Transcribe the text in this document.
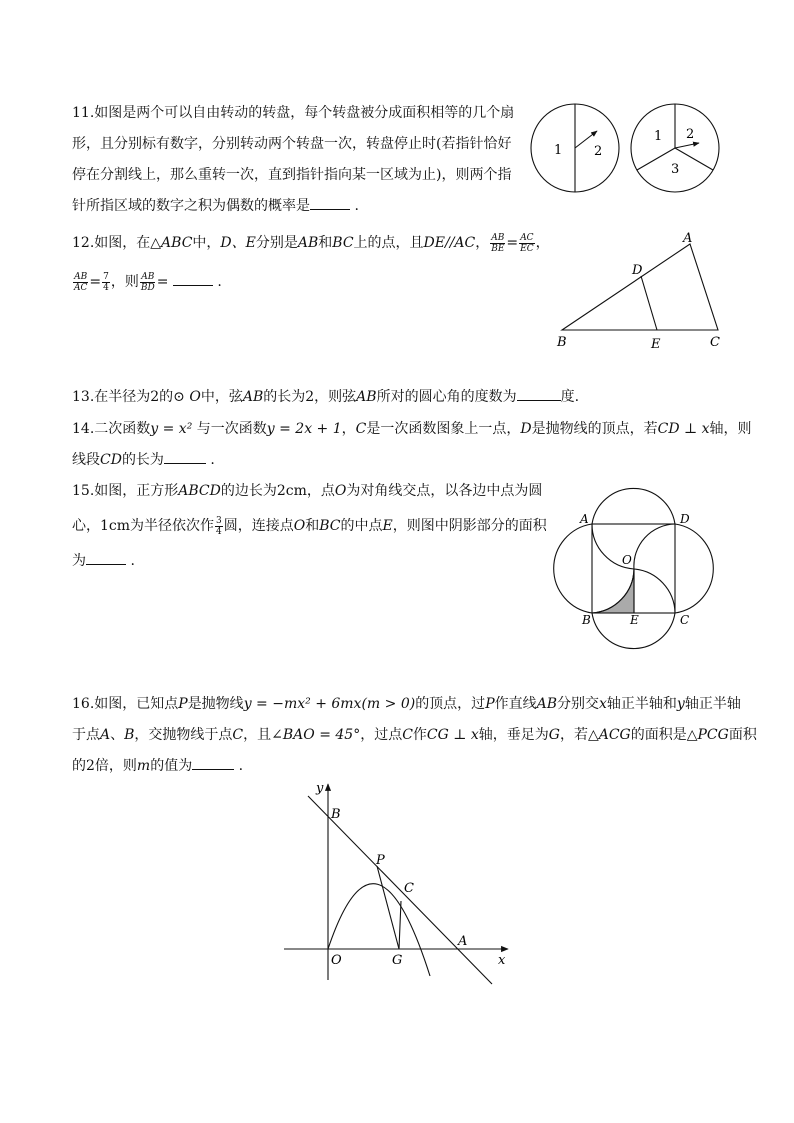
11.如图是两个可以自由转动的转盘，每个转盘被分成面积相等的几个扇

形，且分别标有数字，分别转动两个转盘一次，转盘停止时(若指针恰好

停在分割线上，那么重转一次，直到指针指向某一区域为止)，则两个指

针所指区域的数字之积为偶数的概率是	.

1 2
1 2
3

12.如图，在△ABC中，D、E分别是AB和BC上的点，且DE//AC， $\frac{AB}{BE} = \frac{AC}{EC}$ ，

$\frac{AB}{AC} = \frac{7}{4}$ ，则 $\frac{AB}{BD}$ =	.

A
D
B	E	C

13.在半径为2的⊙ O中，弦AB的长为2，则弦AB所对的圆心角的度数为	度.

14.二次函数y = x² 与一次函数y = 2x + 1，C是一次函数图象上一点，D是抛物线的顶点，若CD ⊥ x轴，则

线段CD的长为	.

15.如图，正方形ABCD的边长为2cm，点O为对角线交点，以各边中点为圆

心，1cm为半径依次作 $\frac{3}{4}$ 圆，连接点O和BC的中点E，则图中阴影部分的面积

为	.

A	D
O
B	E	C

16.如图，已知点P是抛物线y = −mx² + 6mx(m > 0)的顶点，过P作直线AB分别交x轴正半轴和y轴正半轴

于点A、B，交抛物线于点C，且∠BAO = 45°，过点C作CG ⊥ x轴，垂足为G，若△ACG的面积是△PCG面积

的2倍，则m的值为	.

y
B
P
C
A
O	G	x
